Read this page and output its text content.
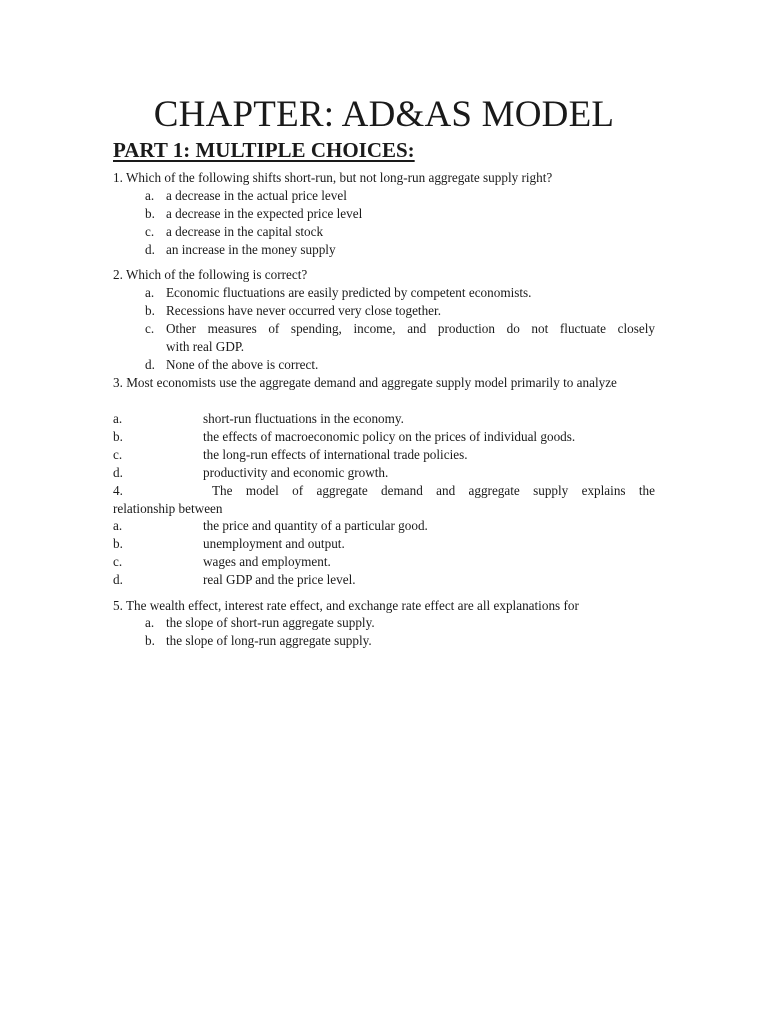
CHAPTER: AD&AS MODEL
PART 1: MULTIPLE CHOICES:
1. Which of the following shifts short-run, but not long-run aggregate supply right?
a. a decrease in the actual price level
b. a decrease in the expected price level
c. a decrease in the capital stock
d. an increase in the money supply
2. Which of the following is correct?
a. Economic fluctuations are easily predicted by competent economists.
b. Recessions have never occurred very close together.
c. Other measures of spending, income, and production do not fluctuate closely
with real GDP.
d. None of the above is correct.
3. Most economists use the aggregate demand and aggregate supply model primarily to analyze
a.	short-run fluctuations in the economy.
b.	the effects of macroeconomic policy on the prices of individual goods.
c.	the long-run effects of international trade policies.
d.	productivity and economic growth.
4.	The model of aggregate demand and aggregate supply explains the
relationship between
a.	the price and quantity of a particular good.
b.	unemployment and output.
c.	wages and employment.
d.	real GDP and the price level.
5. The wealth effect, interest rate effect, and exchange rate effect are all explanations for
a. the slope of short-run aggregate supply.
b. the slope of long-run aggregate supply.
